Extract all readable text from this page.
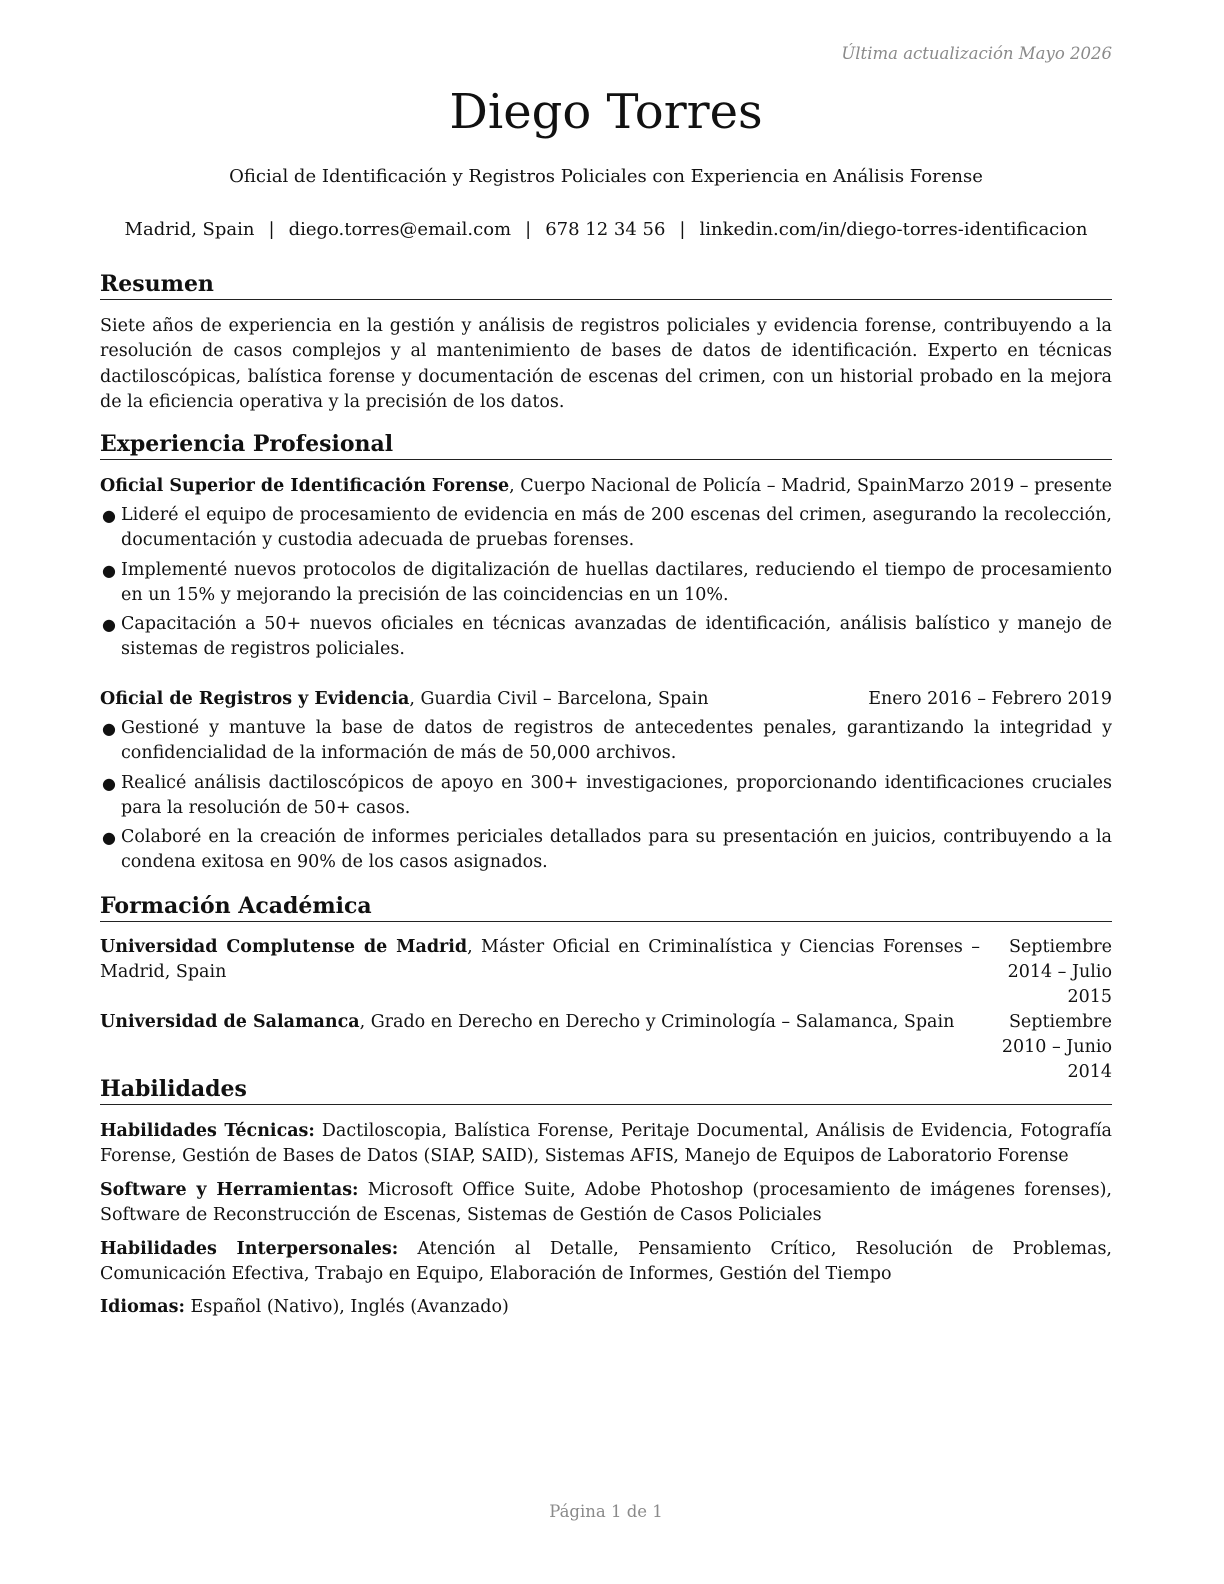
Última actualización Mayo 2026
Diego Torres
Oficial de Identificación y Registros Policiales con Experiencia en Análisis Forense
Madrid, Spain | diego.torres@email.com | 678 12 34 56 | linkedin.com/in/diego-torres-identificacion
Resumen
Siete años de experiencia en la gestión y análisis de registros policiales y evidencia forense, contribuyendo a la resolución de casos complejos y al mantenimiento de bases de datos de identificación. Experto en técnicas dactiloscópicas, balística forense y documentación de escenas del crimen, con un historial probado en la mejora de la eficiencia operativa y la precisión de los datos.
Experiencia Profesional
Oficial Superior de Identificación Forense, Cuerpo Nacional de Policía – Madrid, Spain Marzo 2019 – presente
● Lideré el equipo de procesamiento de evidencia en más de 200 escenas del crimen, asegurando la recolección, documentación y custodia adecuada de pruebas forenses.
● Implementé nuevos protocolos de digitalización de huellas dactilares, reduciendo el tiempo de procesamiento en un 15% y mejorando la precisión de las coincidencias en un 10%.
● Capacitación a 50+ nuevos oficiales en técnicas avanzadas de identificación, análisis balístico y manejo de sistemas de registros policiales.
Oficial de Registros y Evidencia, Guardia Civil – Barcelona, Spain	Enero 2016 – Febrero 2019
● Gestioné y mantuve la base de datos de registros de antecedentes penales, garantizando la integridad y confidencialidad de la información de más de 50,000 archivos.
● Realicé análisis dactiloscópicos de apoyo en 300+ investigaciones, proporcionando identificaciones cruciales para la resolución de 50+ casos.
● Colaboré en la creación de informes periciales detallados para su presentación en juicios, contribuyendo a la condena exitosa en 90% de los casos asignados.
Formación Académica
Universidad Complutense de Madrid, Máster Oficial en Criminalística y Ciencias Forenses – Madrid, Spain
Septiembre 2014 – Julio 2015
Universidad de Salamanca, Grado en Derecho en Derecho y Criminología – Salamanca, Spain	Septiembre 2010 – Junio 2014
Habilidades
Habilidades Técnicas: Dactiloscopia, Balística Forense, Peritaje Documental, Análisis de Evidencia, Fotografía Forense, Gestión de Bases de Datos (SIAP, SAID), Sistemas AFIS, Manejo de Equipos de Laboratorio Forense
Software y Herramientas: Microsoft Office Suite, Adobe Photoshop (procesamiento de imágenes forenses), Software de Reconstrucción de Escenas, Sistemas de Gestión de Casos Policiales
Habilidades Interpersonales: Atención al Detalle, Pensamiento Crítico, Resolución de Problemas, Comunicación Efectiva, Trabajo en Equipo, Elaboración de Informes, Gestión del Tiempo
Idiomas: Español (Nativo), Inglés (Avanzado)
Página 1 de 1
